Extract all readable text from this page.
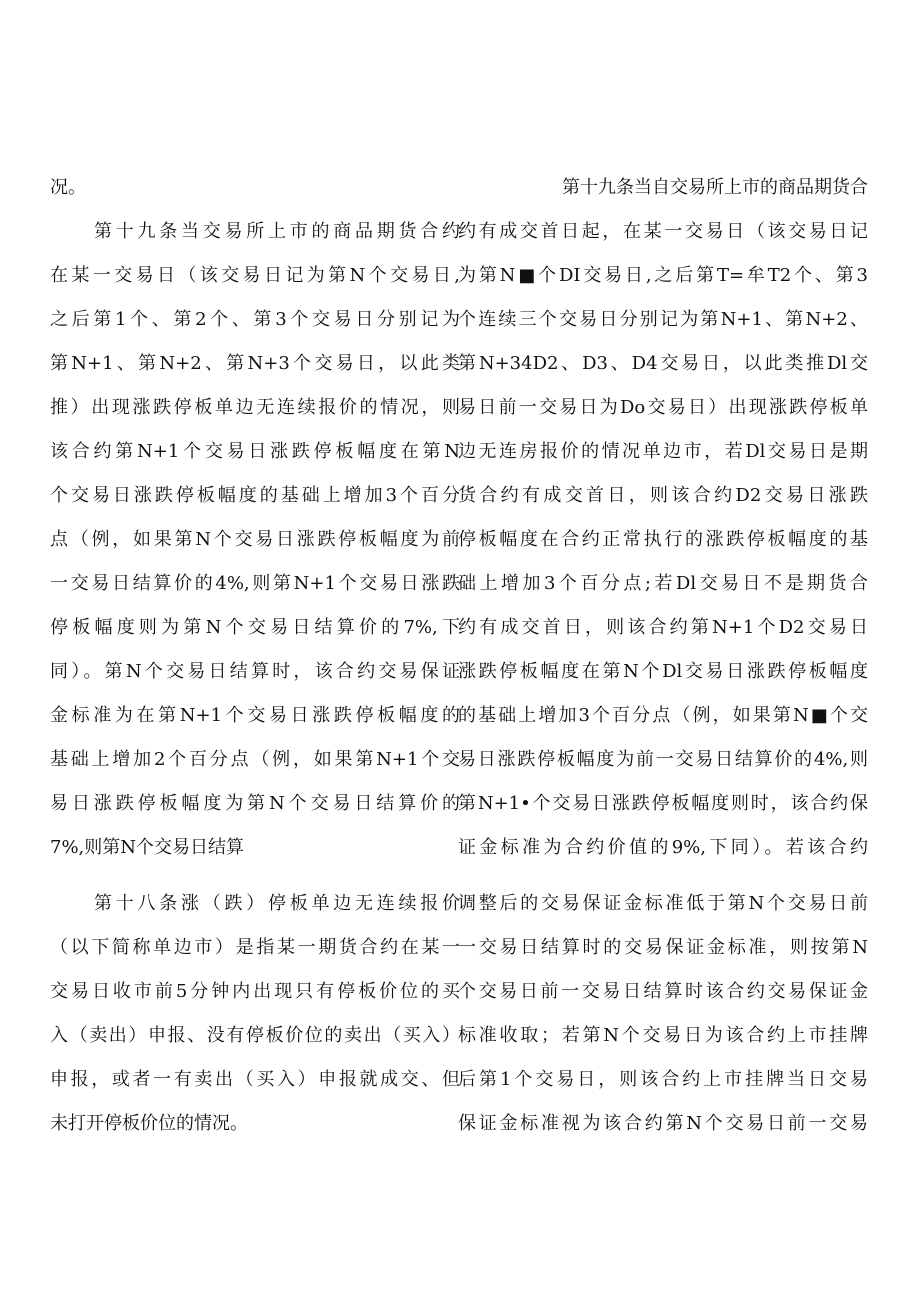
况。
第十九条当交易所上市的商品期货合约
在某一交易日（该交易日记为第N个交易日,
之后第1个、第2个、第3个交易日分别记为
第N+1、第N+2、第N+3个交易日，以此类
推）出现涨跌停板单边无连续报价的情况，则
该合约第N+1个交易日涨跌停板幅度在第N
个交易日涨跌停板幅度的基础上增加3个百分
点（例，如果第N个交易日涨跌停板幅度为前
一交易日结算价的4%,则第N+1个交易日涨跌
停板幅度则为第N个交易日结算价的7%,下
同）。第N个交易日结算时，该合约交易保证
金标准为在第N+1个交易日涨跌停板幅度的
基础上增加2个百分点（例，如果第N+1个交
易日涨跌停板幅度为第N个交易日结算价的
7%,则第N个交易日结算
第十八条涨（跌）停板单边无连续报价
（以下简称单边市）是指某一期货合约在某一
交易日收市前5分钟内出现只有停板价位的买
入（卖出）申报、没有停板价位的卖出（买入）
申报，或者一有卖出（买入）申报就成交、但
未打开停板价位的情况。
第十九条当自交易所上市的商品期货合
约有成交首日起，在某一交易日（该交易日记
为第N■个DI交易日,之后第T=牟T2个、第3
个连续三个交易日分别记为第N+1、第N+2、
第N+34D2、D3、D4交易日，以此类推Dl交
易日前一交易日为Do交易日）出现涨跌停板单
边无连房报价的情况单边市，若Dl交易日是期
货合约有成交首日，则该合约D2交易日涨跌
停板幅度在合约正常执行的涨跌停板幅度的基
础上增加3个百分点;若Dl交易日不是期货合
约有成交首日，则该合约第N+1个D2交易日
涨跌停板幅度在第N个Dl交易日涨跌停板幅度
的基础上增加3个百分点（例，如果第N■个交
易日涨跌停板幅度为前一交易日结算价的4%,则
第N+1•个交易日涨跌停板幅度则时，该合约保
证金标准为合约价值的9%,下同）。若该合约
调整后的交易保证金标准低于第N个交易日前
一交易日结算时的交易保证金标准，则按第N
个交易日前一交易日结算时该合约交易保证金
标准收取；若第N个交易日为该合约上市挂牌
后第1个交易日，则该合约上市挂牌当日交易
保证金标准视为该合约第N个交易日前一交易
